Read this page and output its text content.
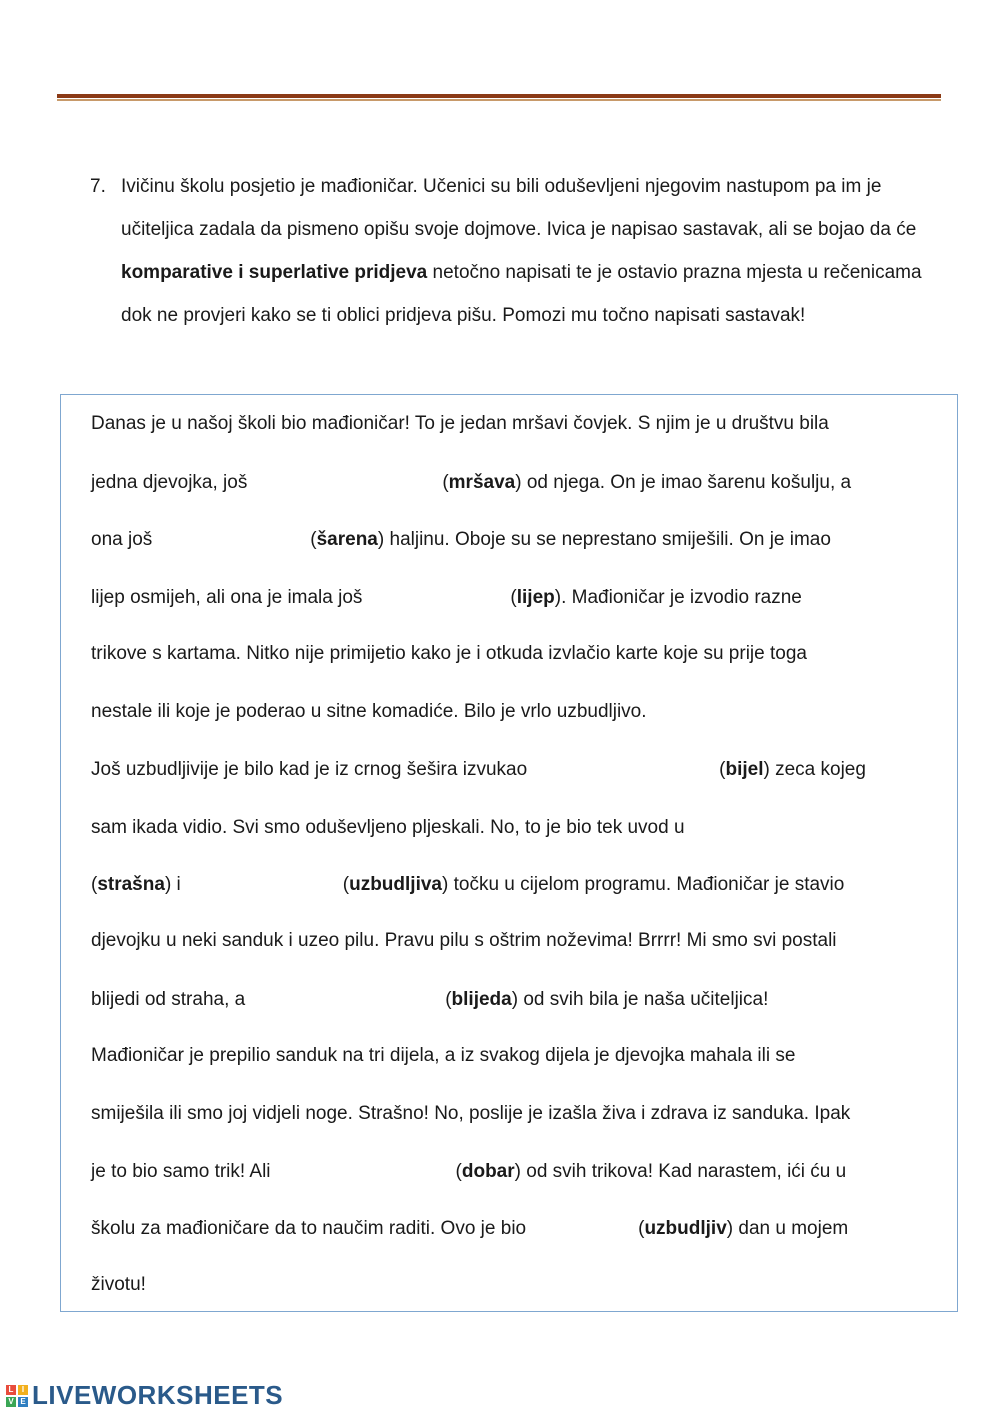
7. Ivičinu školu posjetio je mađioničar. Učenici su bili oduševljeni njegovim nastupom pa im je učiteljica zadala da pismeno opišu svoje dojmove. Ivica je napisao sastavak, ali se bojao da će komparative i superlative pridjeva netočno napisati te je ostavio prazna mjesta u rečenicama dok ne provjeri kako se ti oblici pridjeva pišu. Pomozi mu točno napisati sastavak!
Danas je u našoj školi bio mađioničar! To je jedan mršavi čovjek. S njim je u društvu bila
jedna djevojka, još	(mršava) od njega. On je imao šarenu košulju, a
ona još	(šarena) haljinu. Oboje su se neprestano smiješili. On je imao
lijep osmijeh, ali ona je imala još	(lijep). Mađioničar je izvodio razne
trikove s kartama. Nitko nije primijetio kako je i otkuda izvlačio karte koje su prije toga
nestale ili koje je poderao u sitne komadiće. Bilo je vrlo uzbudljivo.
Još uzbudljivije je bilo kad je iz crnog šešira izvukao	(bijel) zeca kojeg
sam ikada vidio. Svi smo oduševljeno pljeskali. No, to je bio tek uvod u
(strašna) i	(uzbudljiva) točku u cijelom programu. Mađioničar je stavio
djevojku u neki sanduk i uzeo pilu. Pravu pilu s oštrim noževima! Brrrr! Mi smo svi postali
blijedi od straha, a	(blijeda) od svih bila je naša učiteljica!
Mađioničar je prepilio sanduk na tri dijela, a iz svakog dijela je djevojka mahala ili se
smiješila ili smo joj vidjeli noge. Strašno! No, poslije je izašla živa i zdrava iz sanduka. Ipak
je to bio samo trik! Ali	(dobar) od svih trikova! Kad narastem, ići ću u
školu za mađioničare da to naučim raditi. Ovo je bio	(uzbudljiv) dan u mojem
životu!
L	I
V E LIVEWORKSHEETS
